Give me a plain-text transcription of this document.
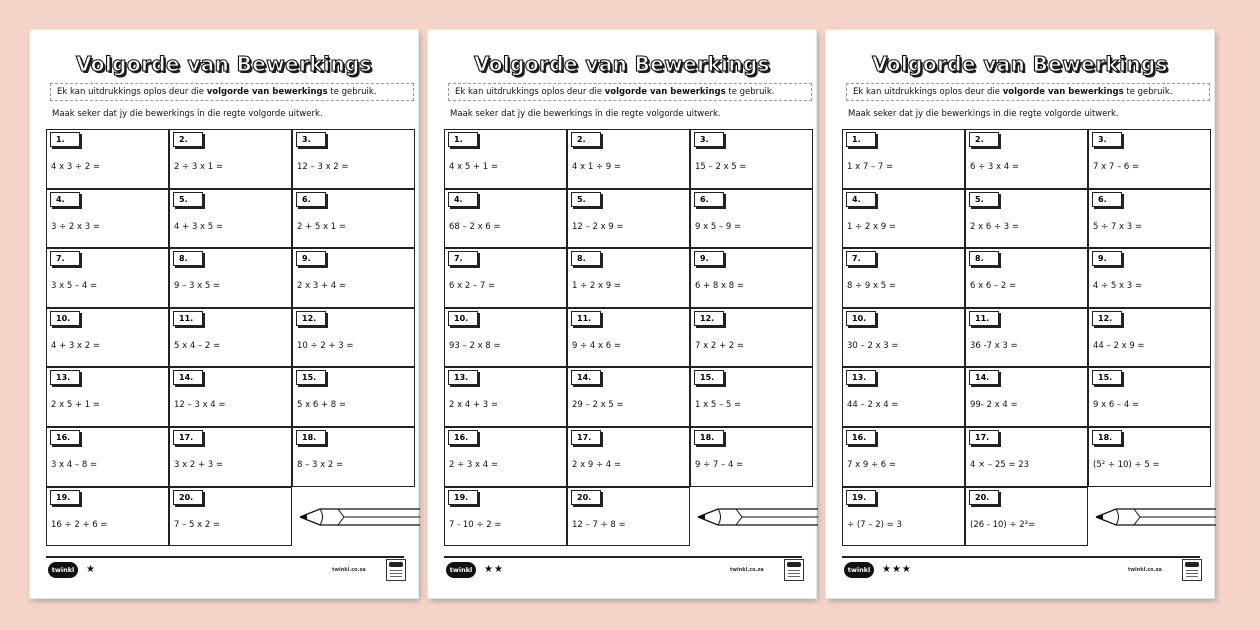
Volgorde van Bewerkings
Ek kan uitdrukkings oplos deur die volgorde van bewerkings te gebruik.
Maak seker dat jy die bewerkings in die regte volgorde uitwerk.
1.
4 x 3 ÷ 2 =
2.
2 ÷ 3 x 1 =
3.
12 – 3 x 2 =
4.
3 ÷ 2 x 3 =
5.
4 + 3 x 5 =
6.
2 + 5 x 1 =
7.
3 x 5 – 4 =
8.
9 – 3 x 5 =
9.
2 x 3 + 4 =
10.
4 + 3 x 2 =
11.
5 x 4 – 2 =
12.
10 ÷ 2 + 3 =
13.
2 x 5 + 1 =
14.
12 – 3 x 4 =
15.
5 x 6 + 8 =
16.
3 x 4 – 8 =
17.
3 x 2 + 3 =
18.
8 – 3 x 2 =
19.
16 ÷ 2 + 6 =
20.
7 – 5 x 2 =
twinkl	★	twinkl.co.za
Volgorde van Bewerkings
Ek kan uitdrukkings oplos deur die volgorde van bewerkings te gebruik.
Maak seker dat jy die bewerkings in die regte volgorde uitwerk.
1.
4 x 5 + 1 =
2.
4 x 1 ÷ 9 =
3.
15 – 2 x 5 =
4.
68 – 2 x 6 =
5.
12 – 2 x 9 =
6.
9 x 5 – 9 =
7.
6 x 2 – 7 =
8.
1 ÷ 2 x 9 =
9.
6 + 8 x 8 =
10.
93 – 2 x 8 =
11.
9 ÷ 4 x 6 =
12.
7 x 2 + 2 =
13.
2 x 4 + 3 =
14.
29 – 2 x 5 =
15.
1 x 5 – 5 =
16.
2 ÷ 3 x 4 =
17.
2 x 9 ÷ 4 =
18.
9 ÷ 7 – 4 =
19.
7 - 10 ÷ 2 =
20.
12 – 7 ÷ 8 =
twinkl	★★	twinkl.co.za
Volgorde van Bewerkings
Ek kan uitdrukkings oplos deur die volgorde van bewerkings te gebruik.
Maak seker dat jy die bewerkings in die regte volgorde uitwerk.
1.
1 x 7 – 7 =
2.
6 ÷ 3 x 4 =
3.
7 x 7 – 6 =
4.
1 ÷ 2 x 9 =
5.
2 x 6 ÷ 3 =
6.
5 ÷ 7 x 3 =
7.
8 ÷ 9 x 5 =
8.
6 x 6 – 2 =
9.
4 ÷ 5 x 3 =
10.
30 – 2 x 3 =
11.
36 -7 x 3 =
12.
44 – 2 x 9 =
13.
44 – 2 x 4 =
14.
99- 2 x 4 =
15.
9 x 6 – 4 =
16.
7 x 9 ÷ 6 =
17.
4 × – 25 = 23
18.
(5² ÷ 10) ÷ 5 =
19.
÷ (7 – 2) = 3
20.
(26 - 10) ÷ 2³=
twinkl	★★★	twinkl.co.za
